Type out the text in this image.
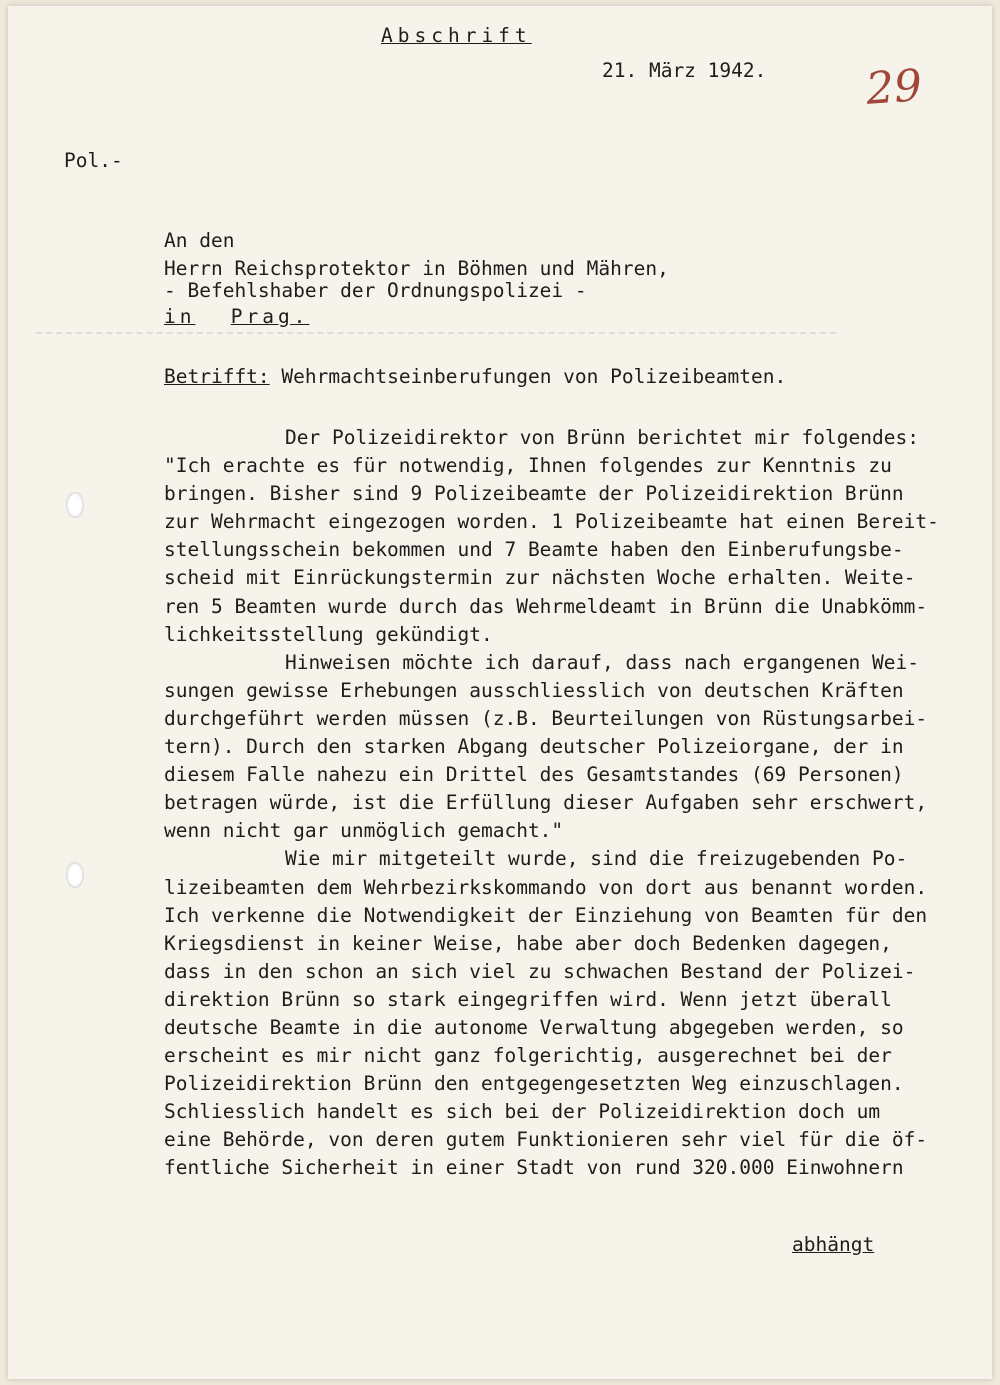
Abschrift
21. März 1942. 29
Pol.-
An den
Herrn Reichsprotektor in Böhmen und Mähren,
- Befehlshaber der Ordnungspolizei -
in Prag.
Betrifft: Wehrmachtseinberufungen von Polizeibeamten.
Der Polizeidirektor von Brünn berichtet mir folgendes:
"Ich erachte es für notwendig, Ihnen folgendes zur Kenntnis zu
bringen. Bisher sind 9 Polizeibeamte der Polizeidirektion Brünn
zur Wehrmacht eingezogen worden. 1 Polizeibeamte hat einen Bereit-
stellungsschein bekommen und 7 Beamte haben den Einberufungsbe-
scheid mit Einrückungstermin zur nächsten Woche erhalten. Weite-
ren 5 Beamten wurde durch das Wehrmeldeamt in Brünn die Unabkömm-
lichkeitsstellung gekündigt.
Hinweisen möchte ich darauf, dass nach ergangenen Wei-
sungen gewisse Erhebungen ausschliesslich von deutschen Kräften
durchgeführt werden müssen (z.B. Beurteilungen von Rüstungsarbei-
tern). Durch den starken Abgang deutscher Polizeiorgane, der in
diesem Falle nahezu ein Drittel des Gesamtstandes (69 Personen)
betragen würde, ist die Erfüllung dieser Aufgaben sehr erschwert,
wenn nicht gar unmöglich gemacht."
Wie mir mitgeteilt wurde, sind die freizugebenden Po-
lizeibeamten dem Wehrbezirkskommando von dort aus benannt worden.
Ich verkenne die Notwendigkeit der Einziehung von Beamten für den
Kriegsdienst in keiner Weise, habe aber doch Bedenken dagegen,
dass in den schon an sich viel zu schwachen Bestand der Polizei-
direktion Brünn so stark eingegriffen wird. Wenn jetzt überall
deutsche Beamte in die autonome Verwaltung abgegeben werden, so
erscheint es mir nicht ganz folgerichtig, ausgerechnet bei der
Polizeidirektion Brünn den entgegengesetzten Weg einzuschlagen.
Schliesslich handelt es sich bei der Polizeidirektion doch um
eine Behörde, von deren gutem Funktionieren sehr viel für die öf-
fentliche Sicherheit in einer Stadt von rund 320.000 Einwohnern
abhängt
